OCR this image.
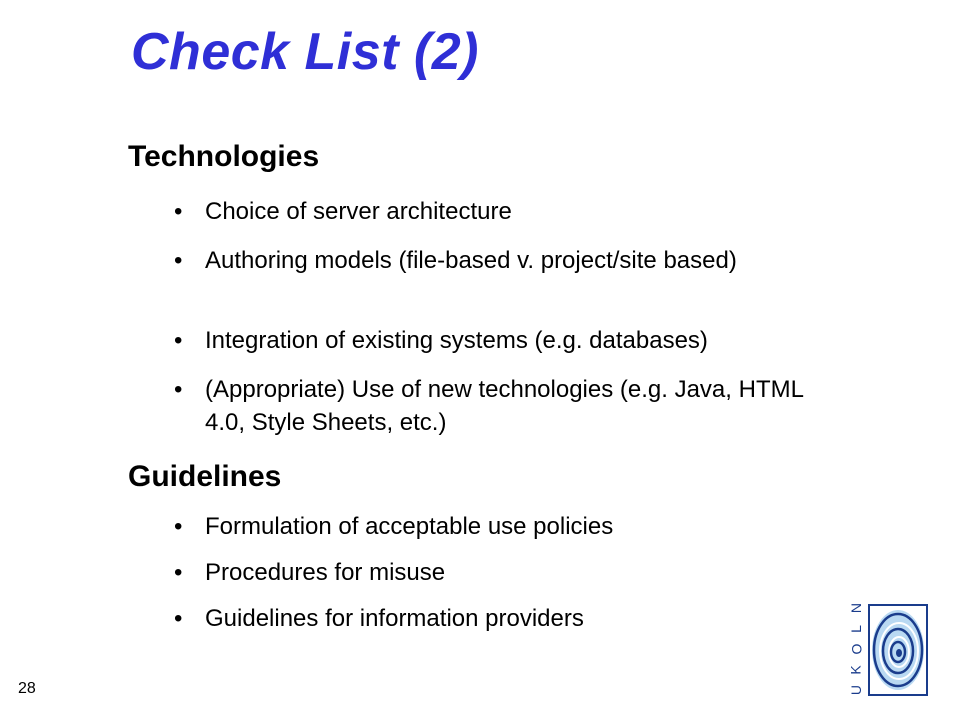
Check List (2)
Technologies
• Choice of server architecture
• Authoring models (file-based v. project/site based)
• Integration of existing systems (e.g. databases)
• (Appropriate) Use of new technologies (e.g. Java, HTML 4.0, Style Sheets, etc.)
Guidelines
• Formulation of acceptable use policies
• Procedures for misuse
• Guidelines for information providers
28
N
L
O
K
U
